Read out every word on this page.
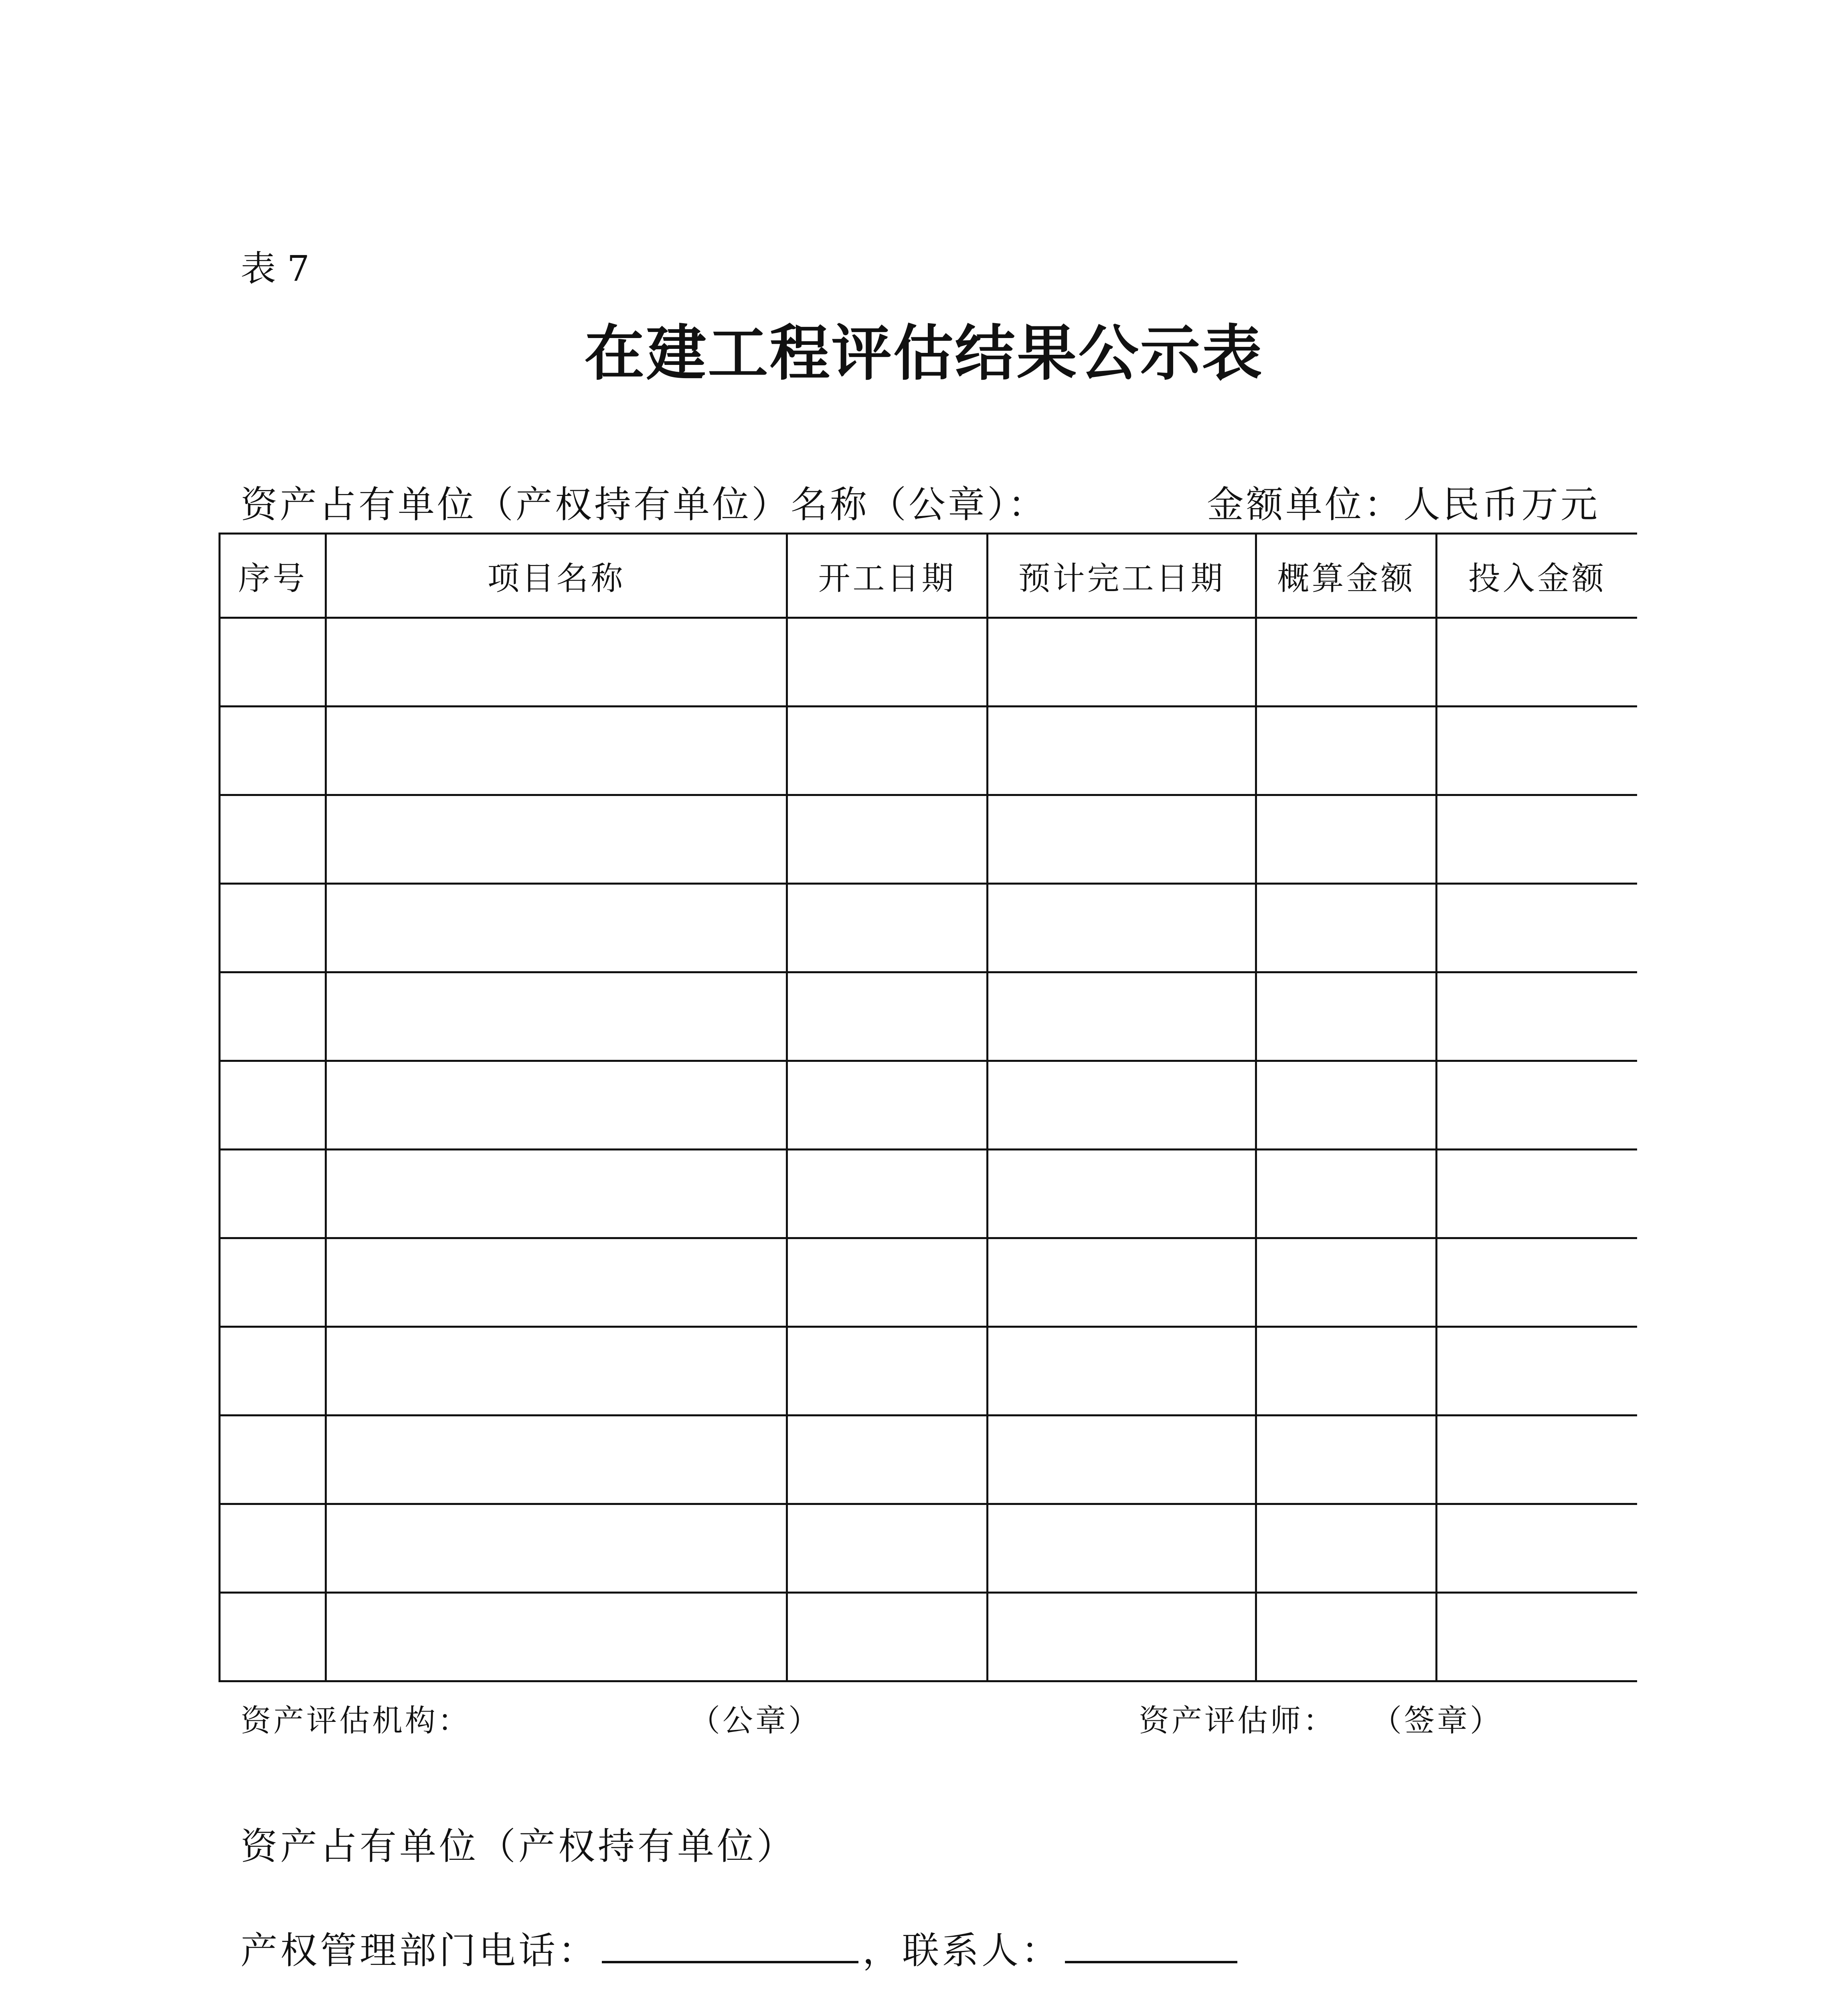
表 7
在建工程评估结果公示表
资产占有单位（产权持有单位）名称（公章）：	金额单位：人民币万元
序号	项目名称	开工日期	预计完工日期	概算金额	投入金额

资产评估机构：	（公章）	资产评估师： （签章）
资产占有单位（产权持有单位）
产权管理部门电话：	，联系人：
